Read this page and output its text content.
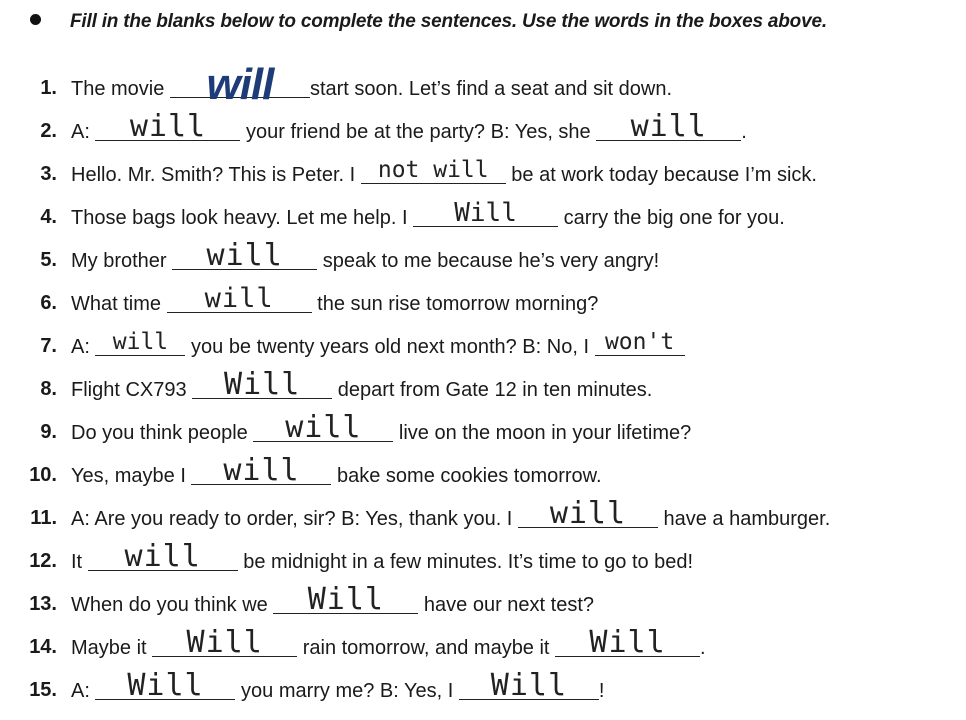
Fill in the blanks below to complete the sentences. Use the words in the boxes above.
1. The movie will start soon. Let’s find a seat and sit down.
2. A: will your friend be at the party? B: Yes, she will .
3. Hello. Mr. Smith? This is Peter. I not will be at work today because I’m sick.
4. Those bags look heavy. Let me help. I Will carry the big one for you.
5. My brother will speak to me because he’s very angry!
6. What time will the sun rise tomorrow morning?
7. A: will you be twenty years old next month? B: No, I won't
8. Flight CX793 Will depart from Gate 12 in ten minutes.
9. Do you think people will live on the moon in your lifetime?
10. Yes, maybe I will bake some cookies tomorrow.
11. A: Are you ready to order, sir? B: Yes, thank you. I will have a hamburger.
12. It will be midnight in a few minutes. It’s time to go to bed!
13. When do you think we Will have our next test?
14. Maybe it Will rain tomorrow, and maybe it Will .
15. A: Will you marry me? B: Yes, I Will !
